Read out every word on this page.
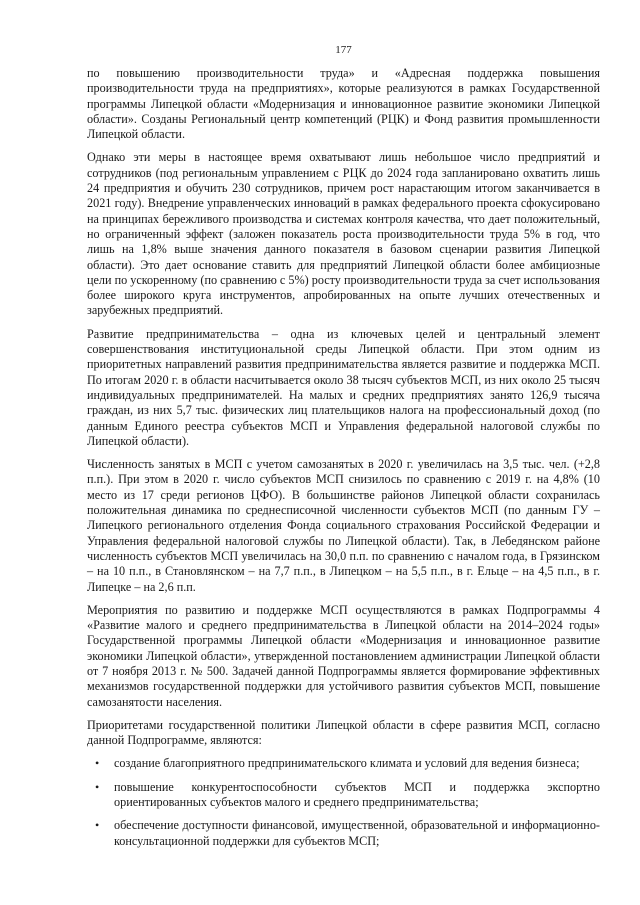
177

по повышению производительности труда» и «Адресная поддержка повышения производительности труда на предприятиях», которые реализуются в рамках Государственной программы Липецкой области «Модернизация и инновационное развитие экономики Липецкой области». Созданы Региональный центр компетенций (РЦК) и Фонд развития промышленности Липецкой области.

Однако эти меры в настоящее время охватывают лишь небольшое число предприятий и сотрудников (под региональным управлением с РЦК до 2024 года запланировано охватить лишь 24 предприятия и обучить 230 сотрудников, причем рост нарастающим итогом заканчивается в 2021 году). Внедрение управленческих инноваций в рамках федерального проекта сфокусировано на принципах бережливого производства и системах контроля качества, что дает положительный, но ограниченный эффект (заложен показатель роста производительности труда 5% в год, что лишь на 1,8% выше значения данного показателя в базовом сценарии развития Липецкой области). Это дает основание ставить для предприятий Липецкой области более амбициозные цели по ускоренному (по сравнению с 5%) росту производительности труда за счет использования более широкого круга инструментов, апробированных на опыте лучших отечественных и зарубежных предприятий.

Развитие предпринимательства – одна из ключевых целей и центральный элемент совершенствования институциональной среды Липецкой области. При этом одним из приоритетных направлений развития предпринимательства является развитие и поддержка МСП. По итогам 2020 г. в области насчитывается около 38 тысяч субъектов МСП, из них около 25 тысяч индивидуальных предпринимателей. На малых и средних предприятиях занято 126,9 тысяча граждан, из них 5,7 тыс. физических лиц плательщиков налога на профессиональный доход (по данным Единого реестра субъектов МСП и Управления федеральной налоговой службы по Липецкой области).

Численность занятых в МСП с учетом самозанятых в 2020 г. увеличилась на 3,5 тыс. чел. (+2,8 п.п.). При этом в 2020 г. число субъектов МСП снизилось по сравнению с 2019 г. на 4,8% (10 место из 17 среди регионов ЦФО). В большинстве районов Липецкой области сохранилась положительная динамика по среднесписочной численности субъектов МСП (по данным ГУ – Липецкого регионального отделения Фонда социального страхования Российской Федерации и Управления федеральной налоговой службы по Липецкой области). Так, в Лебедянском районе численность субъектов МСП увеличилась на 30,0 п.п. по сравнению с началом года, в Грязинском – на 10 п.п., в Становлянском – на 7,7 п.п., в Липецком – на 5,5 п.п., в г. Ельце – на 4,5 п.п., в г. Липецке – на 2,6 п.п.

Мероприятия по развитию и поддержке МСП осуществляются в рамках Подпрограммы 4 «Развитие малого и среднего предпринимательства в Липецкой области на 2014–2024 годы» Государственной программы Липецкой области «Модернизация и инновационное развитие экономики Липецкой области», утвержденной постановлением администрации Липецкой области от 7 ноября 2013 г. № 500. Задачей данной Подпрограммы является формирование эффективных механизмов государственной поддержки для устойчивого развития субъектов МСП, повышение самозанятости населения.

Приоритетами государственной политики Липецкой области в сфере развития МСП, согласно данной Подпрограмме, являются:

• создание благоприятного предпринимательского климата и условий для ведения бизнеса;
• повышение конкурентоспособности субъектов МСП и поддержка экспортно ориентированных субъектов малого и среднего предпринимательства;
• обеспечение доступности финансовой, имущественной, образовательной и информационно-консультационной поддержки для субъектов МСП;
